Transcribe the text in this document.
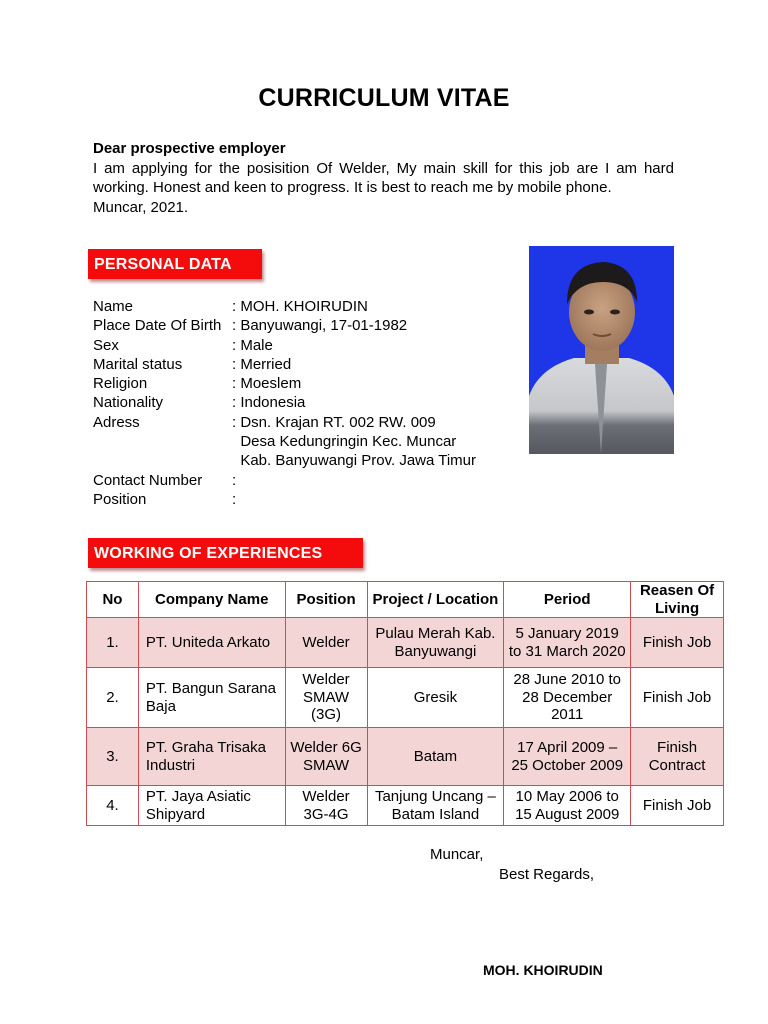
CURRICULUM VITAE
Dear prospective employer
I am applying for the posisition Of Welder, My main skill for this job are I am hard working. Honest and keen to progress. It is best to reach me by mobile phone.
Muncar, 2021.
PERSONAL DATA
Name	: MOH. KHOIRUDIN
Place Date Of Birth : Banyuwangi, 17-01-1982
Sex	: Male
Marital status	: Merried
Religion	: Moeslem
Nationality	: Indonesia
Adress	: Dsn. Krajan RT. 002 RW. 009
Desa Kedungringin Kec. Muncar
Kab. Banyuwangi Prov. Jawa Timur
Contact Number	:
Position	:
WORKING OF EXPERIENCES
No	Company Name	Position	Project / Location	Period	Reasen Of Living
1.	PT. Uniteda Arkato	Welder	Pulau Merah Kab. Banyuwangi	5 January 2019 to 31 March 2020	Finish Job
2.	PT. Bangun Sarana Baja	Welder SMAW (3G)	Gresik	28 June 2010 to 28 December 2011	Finish Job
3.	PT. Graha Trisaka Industri	Welder 6G SMAW	Batam	17 April 2009 – 25 October 2009	Finish Contract
4.	PT. Jaya Asiatic Shipyard	Welder 3G-4G	Tanjung Uncang – Batam Island	10 May 2006 to 15 August 2009	Finish Job
Muncar,
Best Regards,
MOH. KHOIRUDIN
